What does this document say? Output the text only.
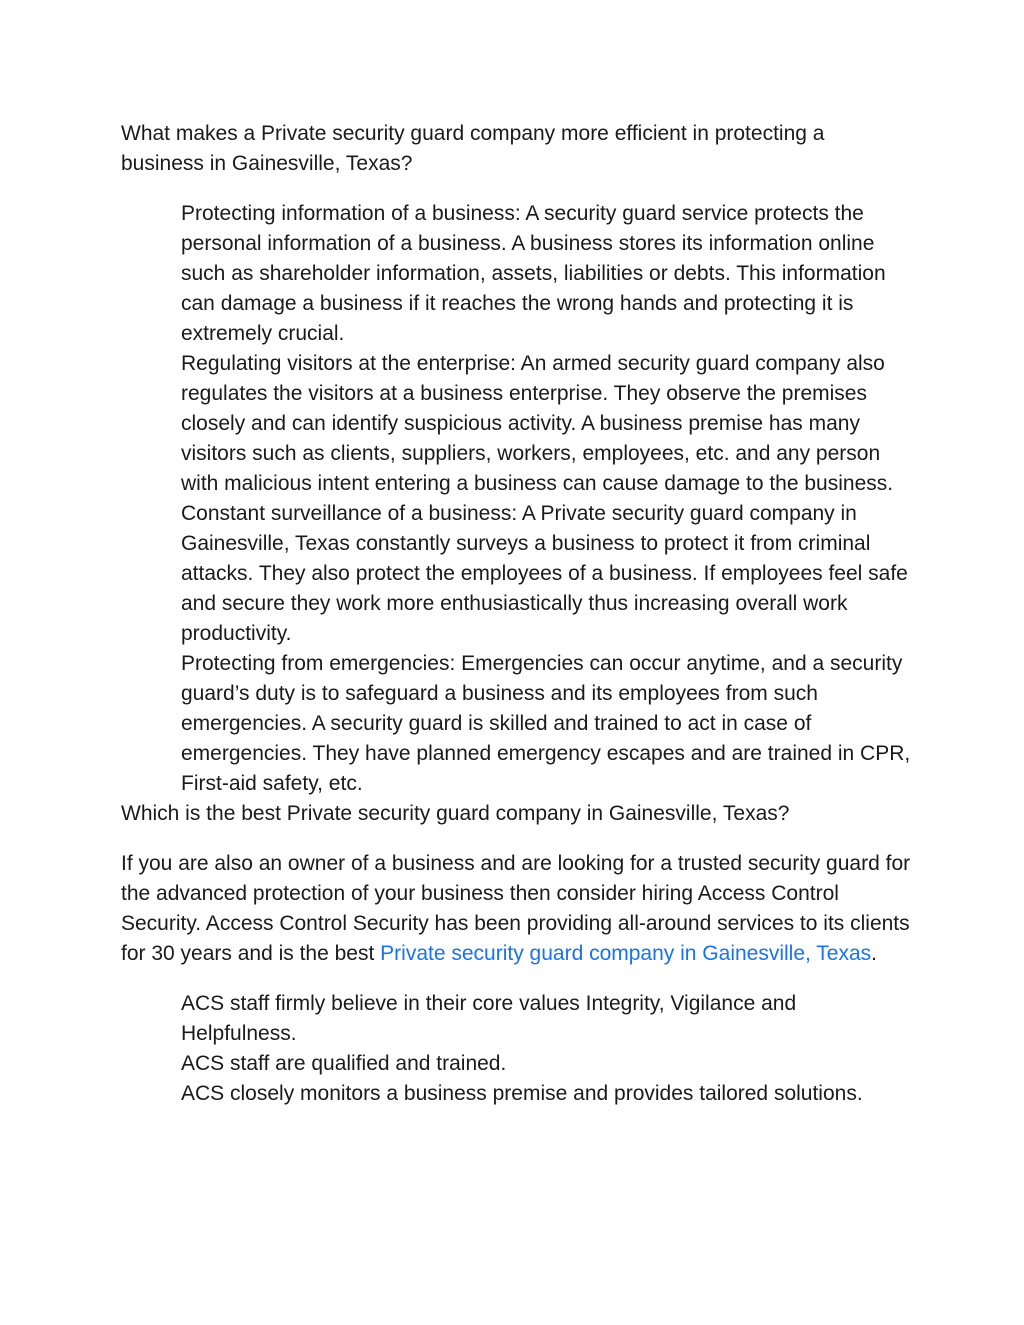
What makes a Private security guard company more efficient in protecting a business in Gainesville, Texas?

Protecting information of a business: A security guard service protects the personal information of a business. A business stores its information online such as shareholder information, assets, liabilities or debts. This information can damage a business if it reaches the wrong hands and protecting it is extremely crucial.
Regulating visitors at the enterprise: An armed security guard company also regulates the visitors at a business enterprise. They observe the premises closely and can identify suspicious activity. A business premise has many visitors such as clients, suppliers, workers, employees, etc. and any person with malicious intent entering a business can cause damage to the business.
Constant surveillance of a business: A Private security guard company in Gainesville, Texas constantly surveys a business to protect it from criminal attacks. They also protect the employees of a business. If employees feel safe and secure they work more enthusiastically thus increasing overall work productivity.
Protecting from emergencies: Emergencies can occur anytime, and a security guard’s duty is to safeguard a business and its employees from such emergencies. A security guard is skilled and trained to act in case of emergencies. They have planned emergency escapes and are trained in CPR, First-aid safety, etc.

Which is the best Private security guard company in Gainesville, Texas?

If you are also an owner of a business and are looking for a trusted security guard for the advanced protection of your business then consider hiring Access Control Security. Access Control Security has been providing all-around services to its clients for 30 years and is the best Private security guard company in Gainesville, Texas.

ACS staff firmly believe in their core values Integrity, Vigilance and Helpfulness.
ACS staff are qualified and trained.
ACS closely monitors a business premise and provides tailored solutions.
